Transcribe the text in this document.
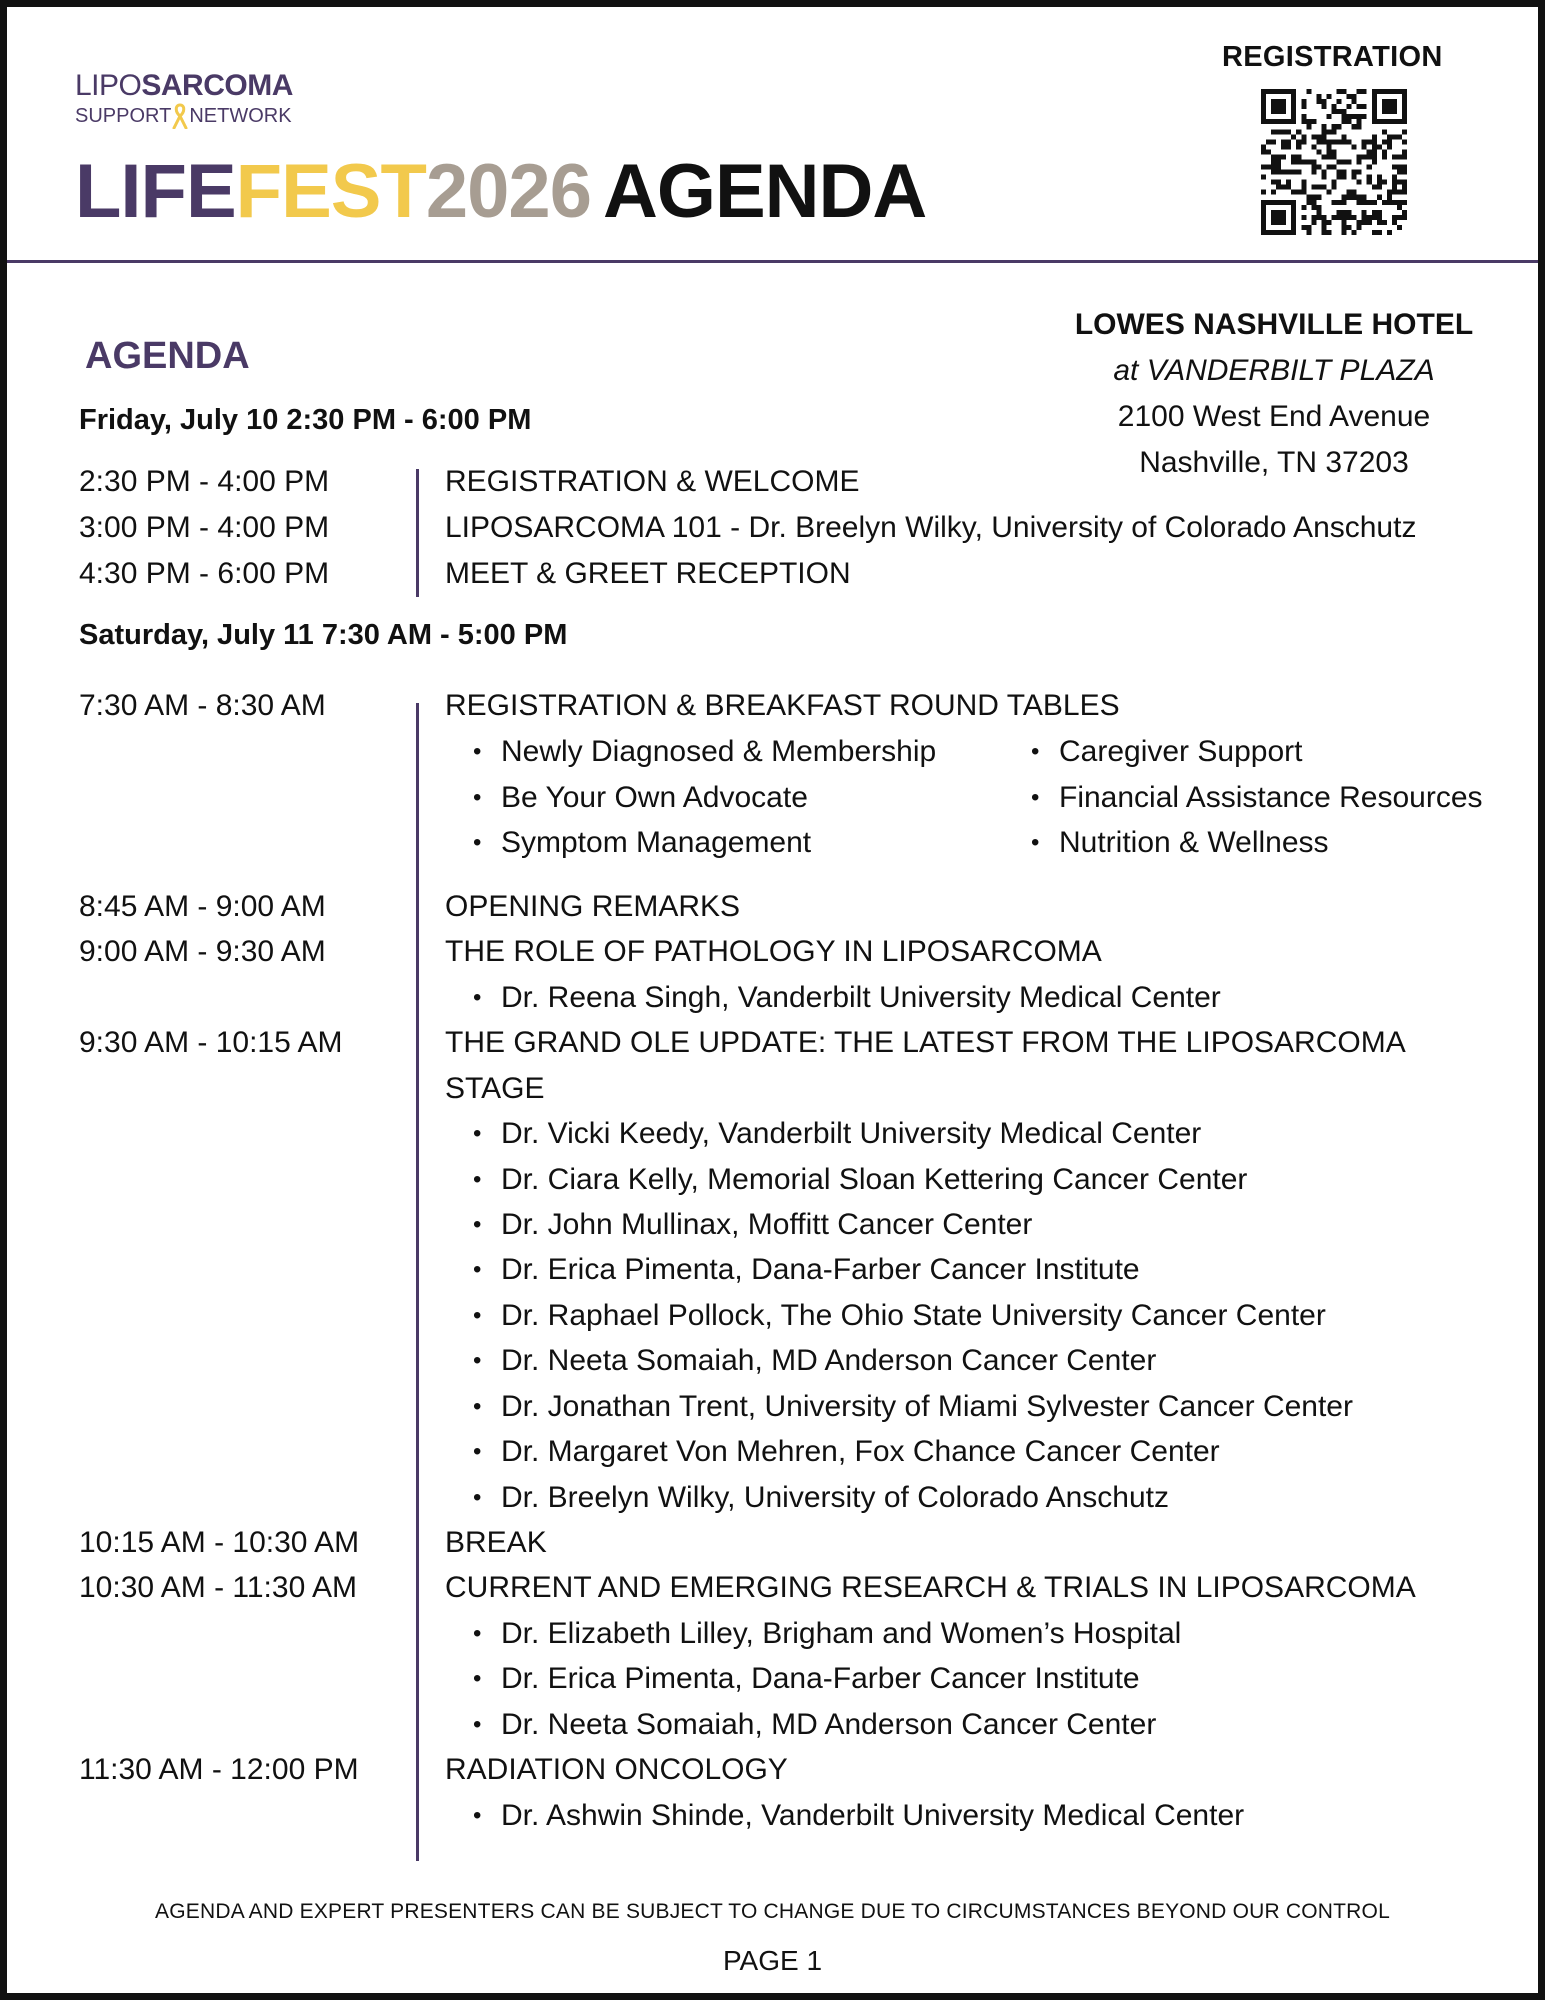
LIPOSARCOMA
SUPPORT NETWORK
LIFEFEST2026 AGENDA
REGISTRATION
LOWES NASHVILLE HOTEL
at VANDERBILT PLAZA
2100 West End Avenue
Nashville, TN 37203
AGENDA
Friday, July 10 2:30 PM - 6:00 PM
2:30 PM - 4:00 PM	REGISTRATION & WELCOME
3:00 PM - 4:00 PM	LIPOSARCOMA 101 - Dr. Breelyn Wilky, University of Colorado Anschutz
4:30 PM - 6:00 PM	MEET & GREET RECEPTION
Saturday, July 11 7:30 AM - 5:00 PM
7:30 AM - 8:30 AM	REGISTRATION & BREAKFAST ROUND TABLES
• Newly Diagnosed & Membership
• Be Your Own Advocate
• Symptom Management
• Caregiver Support
• Financial Assistance Resources
• Nutrition & Wellness
8:45 AM - 9:00 AM	OPENING REMARKS
9:00 AM - 9:30 AM	THE ROLE OF PATHOLOGY IN LIPOSARCOMA
• Dr. Reena Singh, Vanderbilt University Medical Center
9:30 AM - 10:15 AM	THE GRAND OLE UPDATE: THE LATEST FROM THE LIPOSARCOMA
STAGE
• Dr. Vicki Keedy, Vanderbilt University Medical Center
• Dr. Ciara Kelly, Memorial Sloan Kettering Cancer Center
• Dr. John Mullinax, Moffitt Cancer Center
• Dr. Erica Pimenta, Dana-Farber Cancer Institute
• Dr. Raphael Pollock, The Ohio State University Cancer Center
• Dr. Neeta Somaiah, MD Anderson Cancer Center
• Dr. Jonathan Trent, University of Miami Sylvester Cancer Center
• Dr. Margaret Von Mehren, Fox Chance Cancer Center
• Dr. Breelyn Wilky, University of Colorado Anschutz
10:15 AM - 10:30 AM	BREAK
10:30 AM - 11:30 AM	CURRENT AND EMERGING RESEARCH & TRIALS IN LIPOSARCOMA
• Dr. Elizabeth Lilley, Brigham and Women’s Hospital
• Dr. Erica Pimenta, Dana-Farber Cancer Institute
• Dr. Neeta Somaiah, MD Anderson Cancer Center
11:30 AM - 12:00 PM	RADIATION ONCOLOGY
• Dr. Ashwin Shinde, Vanderbilt University Medical Center
AGENDA AND EXPERT PRESENTERS CAN BE SUBJECT TO CHANGE DUE TO CIRCUMSTANCES BEYOND OUR CONTROL
PAGE 1
